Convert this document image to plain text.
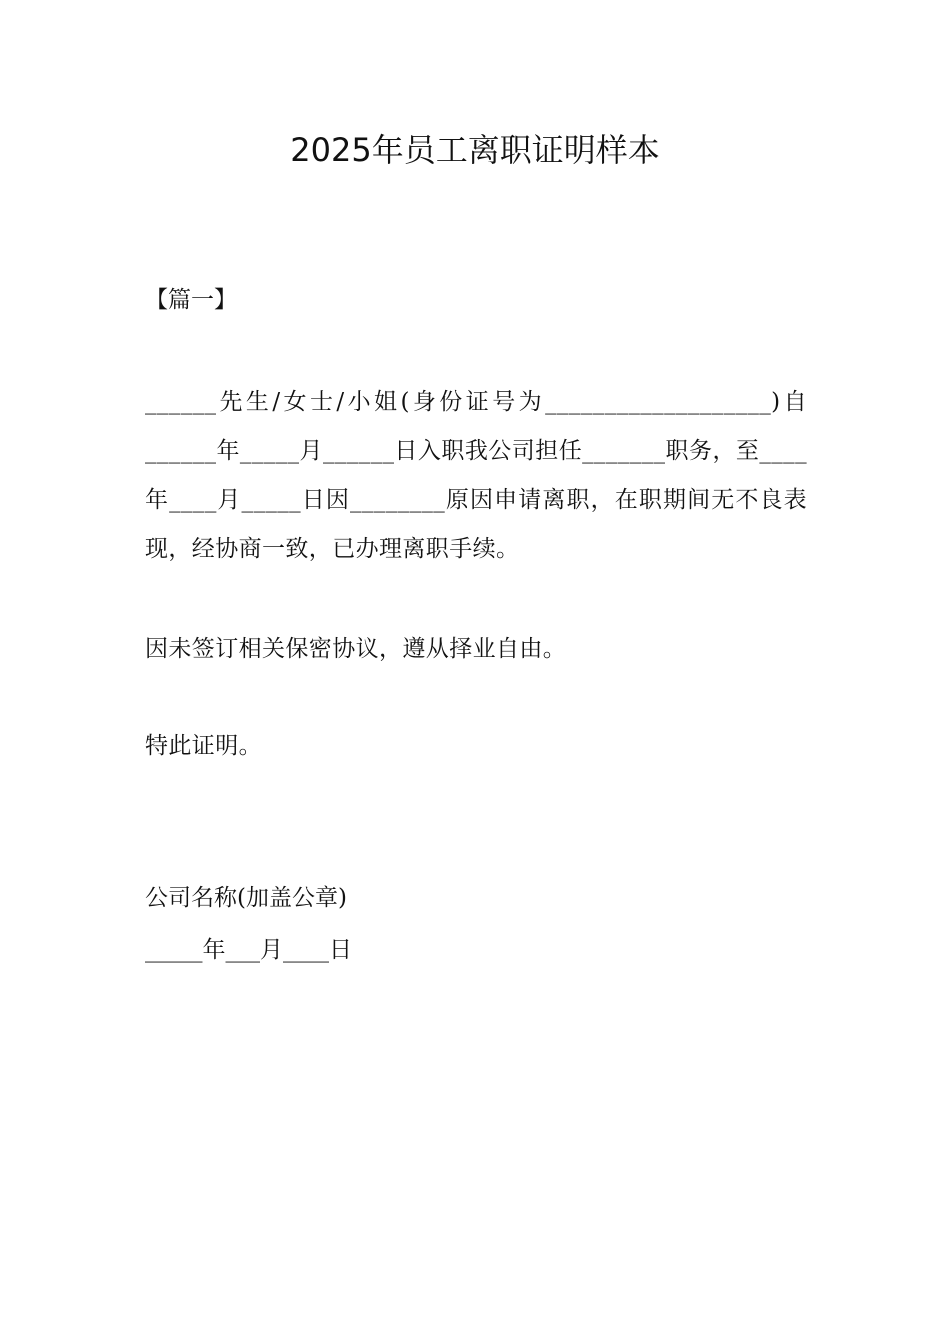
2025年员工离职证明样本
【篇一】
______先生/女士/小姐(身份证号为___________________)自______年_____月______日入职我公司担任_______职务，至____年____月_____日因________原因申请离职，在职期间无不良表现，经协商一致，已办理离职手续。
因未签订相关保密协议，遵从择业自由。
特此证明。
公司名称(加盖公章)
_____年___月____日
